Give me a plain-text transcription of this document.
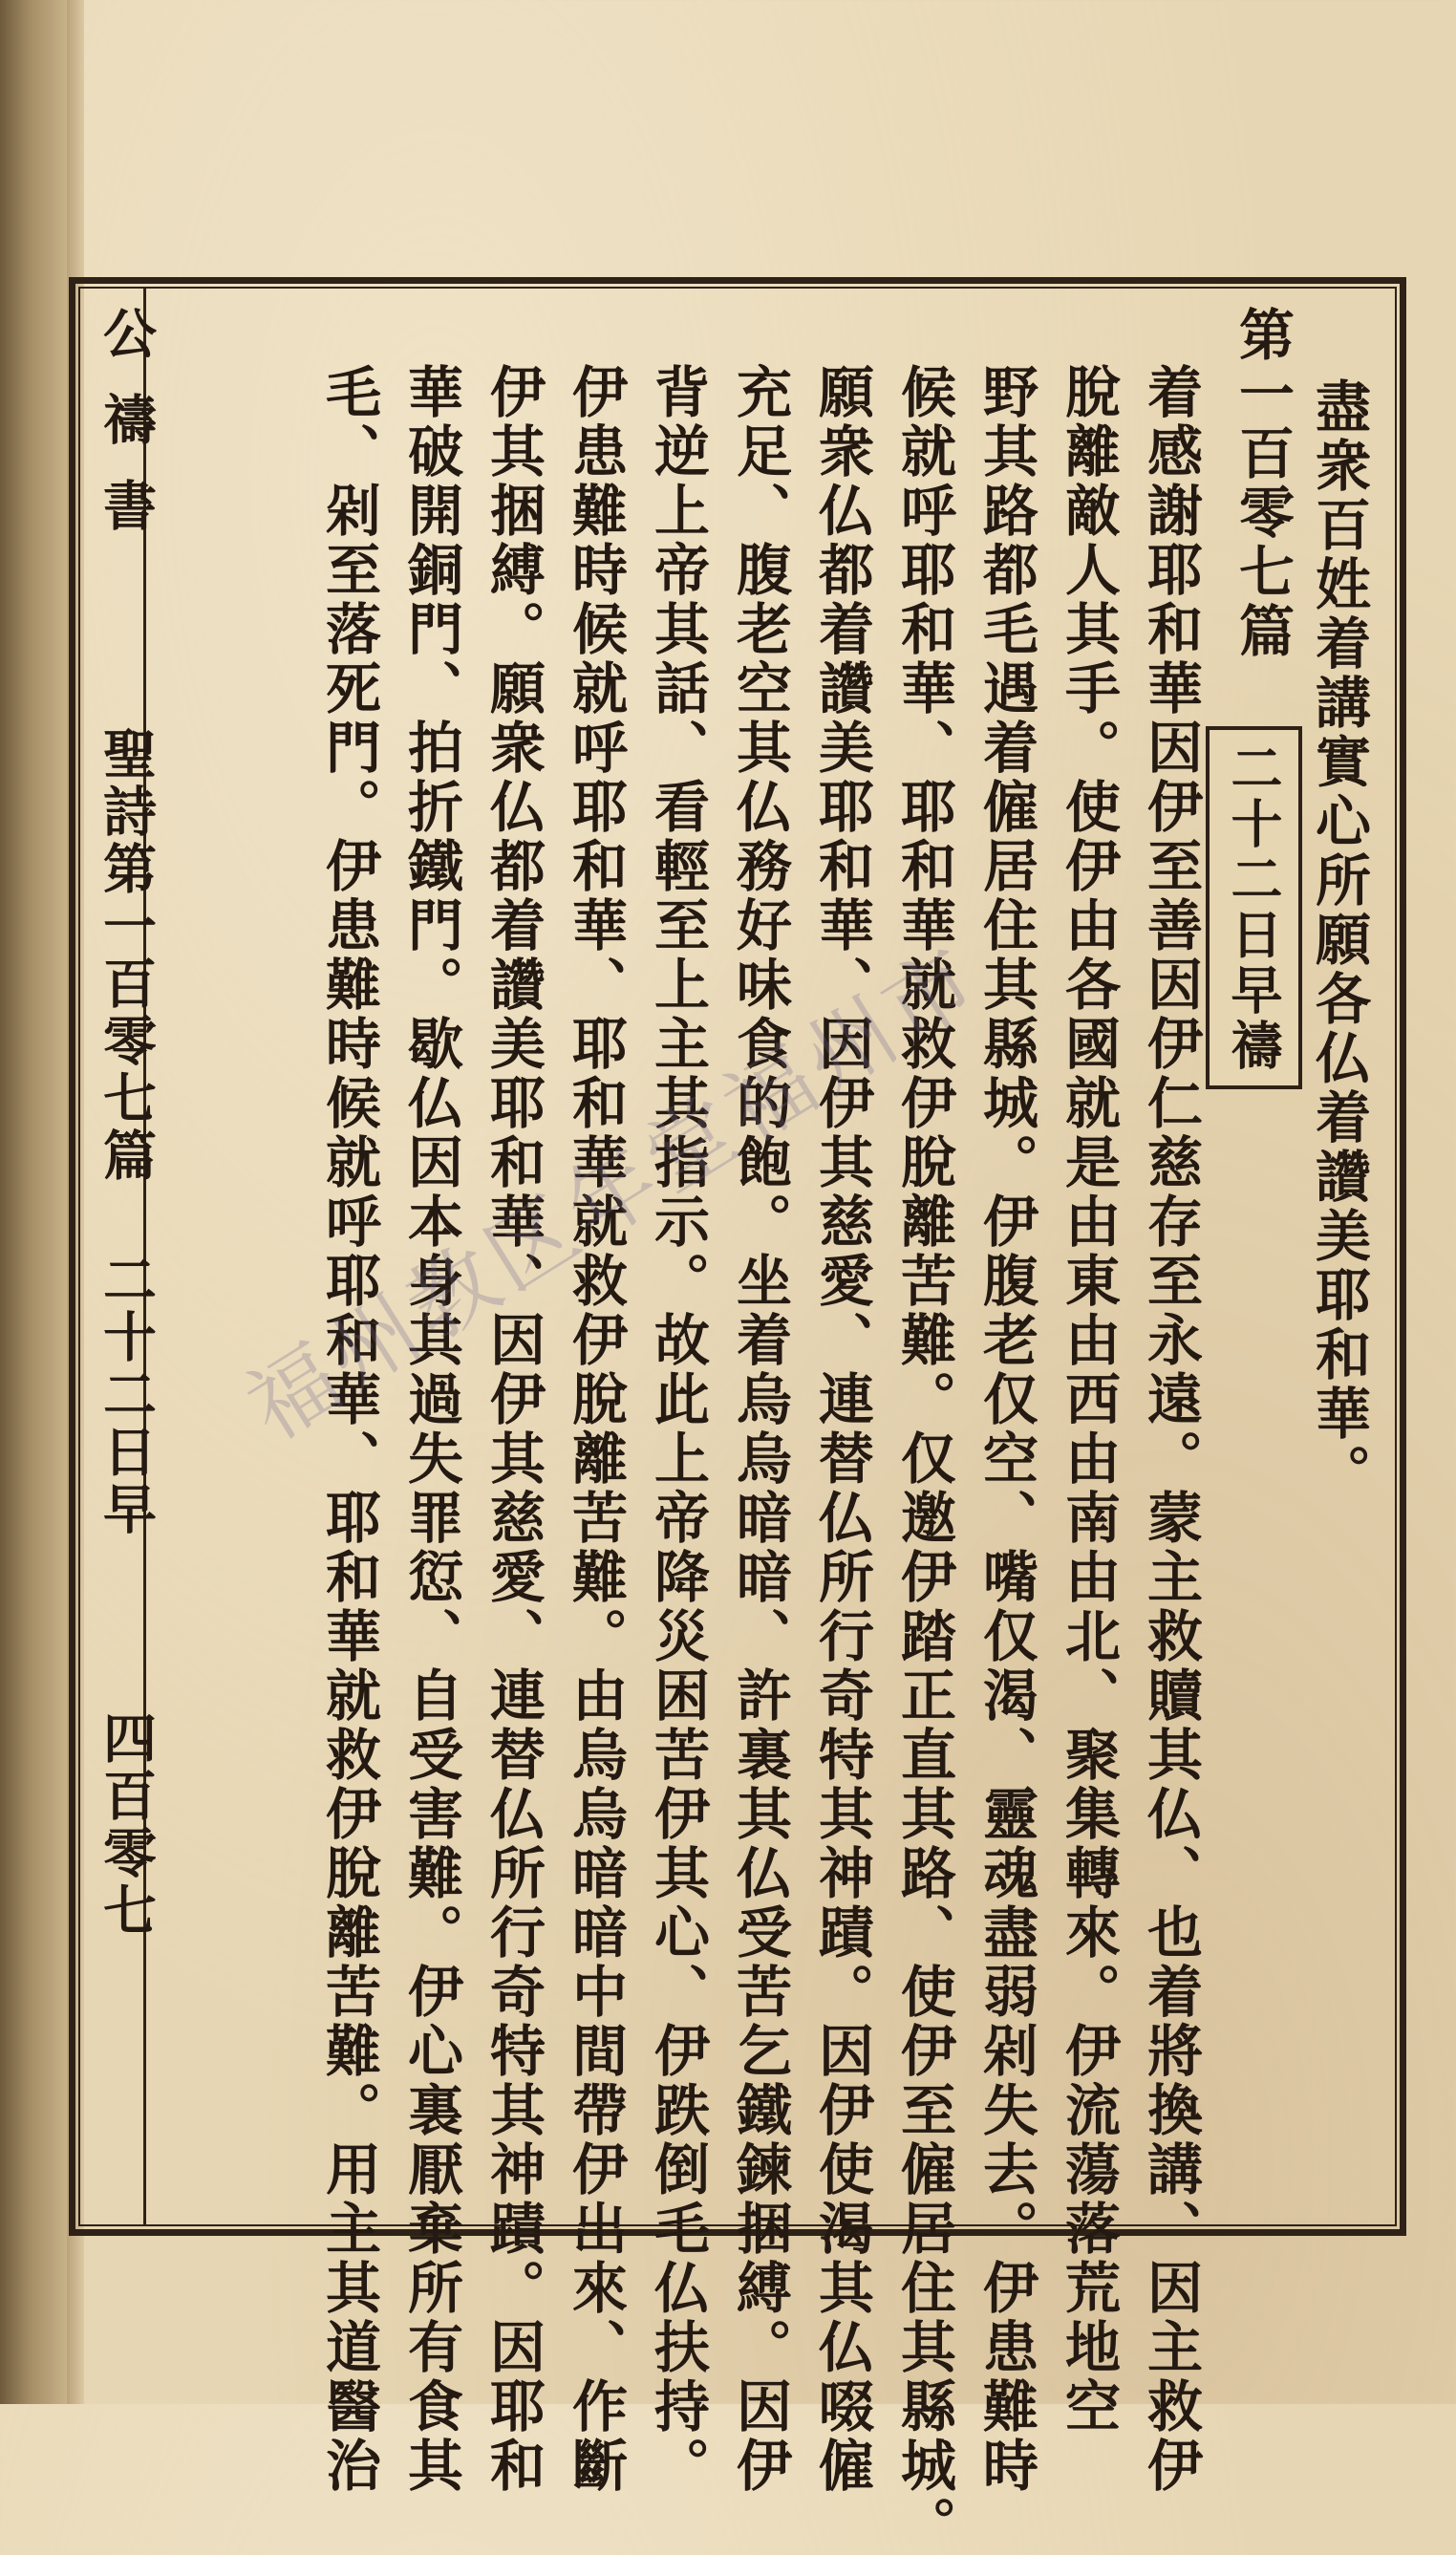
公禱書
聖詩第一百零七篇
二十二日早
四百零七
盡衆百姓着講實心所願各仏着讚美耶和華。
第一百零七篇
二十二日早禱
着感謝耶和華因伊至善因伊仁慈存至永遠。蒙主救贖其仏、也着將換講、因主救伊
脫離敵人其手。使伊由各國就是由東由西由南由北、聚集轉來。伊流蕩落荒地空
野其路都毛遇着僱居住其縣城。伊腹老仅空、嘴仅渴、靈魂盡弱剁失去。伊患難時
候就呼耶和華、耶和華就救伊脫離苦難。仅邀伊踏正直其路、使伊至僱居住其縣城。
願衆仏都着讚美耶和華、因伊其慈愛、連替仏所行奇特其神蹟。因伊使渴其仏啜僱
充足、腹老空其仏務好味食的飽。坐着烏烏暗暗、許裏其仏受苦乞鐵鍊捆縛。因伊
背逆上帝其話、看輕至上主其指示。故此上帝降災困苦伊其心、伊跌倒毛仏扶持。
伊患難時候就呼耶和華、耶和華就救伊脫離苦難。由烏烏暗暗中間帶伊出來、作斷
伊其捆縛。願衆仏都着讚美耶和華、因伊其慈愛、連替仏所行奇特其神蹟。因耶和
華破開銅門、拍折鐵門。歇仏因本身其過失罪愆、自受害難。伊心裏厭棄所有食其
毛、剁至落死門。伊患難時候就呼耶和華、耶和華就救伊脫離苦難。用主其道醫治
福州教区年堂福州市
